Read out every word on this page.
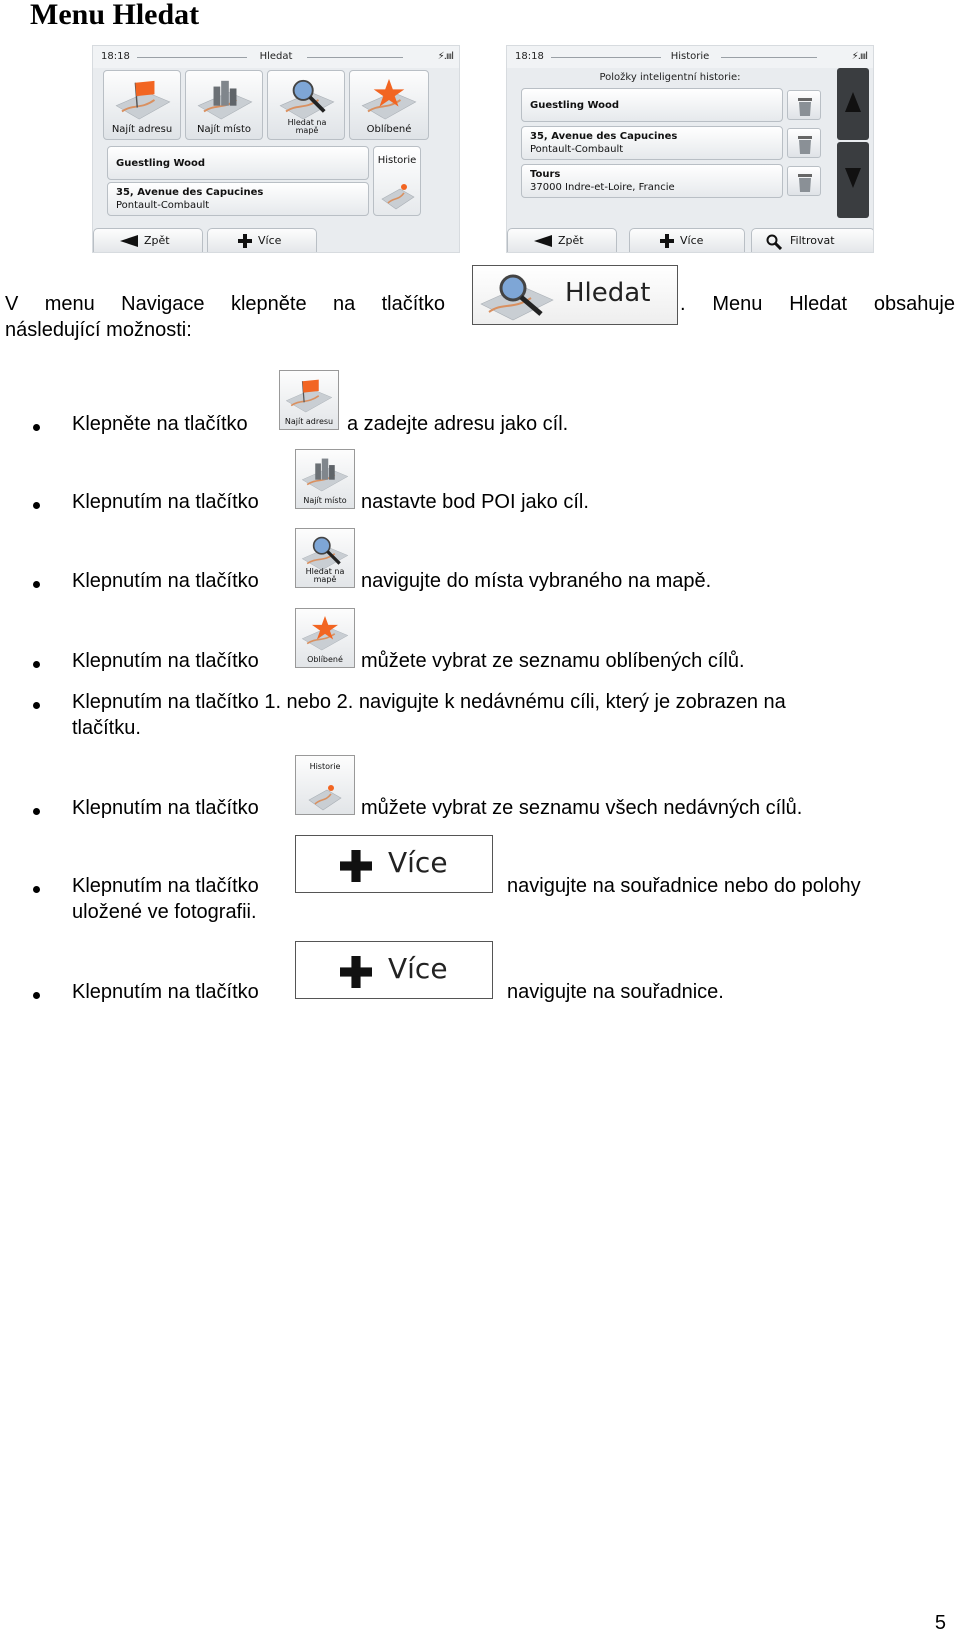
Menu Hledat
18:18	Hledat	⚡.ıııl
Najít adresu	Najít místo
Hledat na mapě	Oblíbené
Guestling Wood
35, Avenue des Capucines
Pontault-Combault
Historie
Zpět	Více
18:18	Historie	⚡.ıııl
Položky inteligentní historie:
Guestling Wood
35, Avenue des Capucines
Pontault-Combault
Tours
37000 Indre-et-Loire, Francie
Zpět	Více	Filtrovat
V menu Navigace klepněte na tlačítko	Hledat . Menu Hledat obsahuje
následující možnosti:
Klepněte na tlačítko	Najít adresu a zadejte adresu jako cíl.
Klepnutím na tlačítko	Najít místo nastavte bod POI jako cíl.
Klepnutím na tlačítko	Hledat na mapě	navigujte do místa vybraného na mapě.
Klepnutím na tlačítko	Oblíbené můžete vybrat ze seznamu oblíbených cílů.
Klepnutím na tlačítko 1. nebo 2. navigujte k nedávnému cíli, který je zobrazen na
tlačítku.
Klepnutím na tlačítko
Historie
můžete vybrat ze seznamu všech nedávných cílů.
Klepnutím na tlačítko
Více
navigujte na souřadnice nebo do polohy
uložené ve fotografii.
Klepnutím na tlačítko
Více
navigujte na souřadnice.
5
